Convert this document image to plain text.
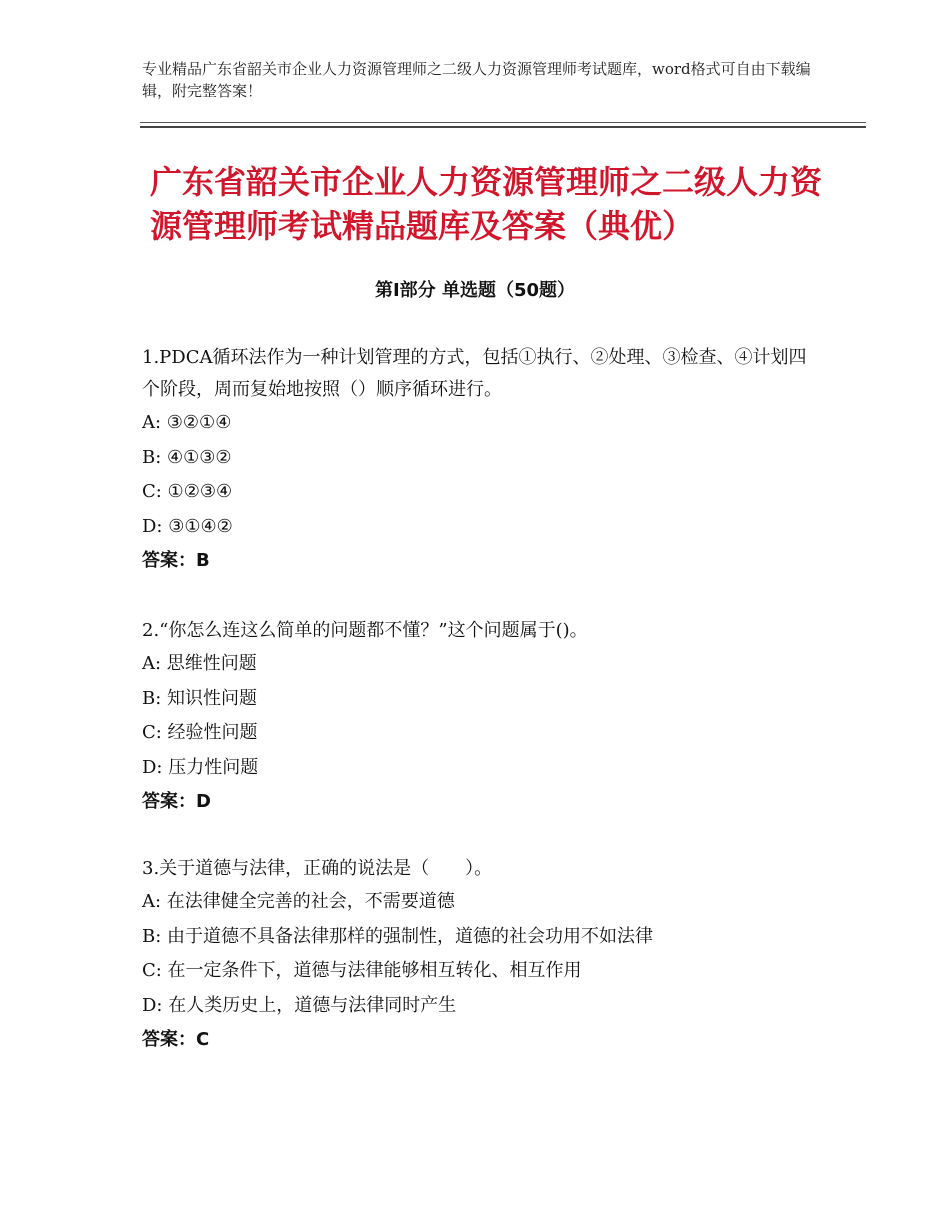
专业精品广东省韶关市企业人力资源管理师之二级人力资源管理师考试题库，word格式可自由下载编辑，附完整答案！
广东省韶关市企业人力资源管理师之二级人力资源管理师考试精品题库及答案（典优）
第Ⅰ部分 单选题（50题）
1.PDCA循环法作为一种计划管理的方式，包括①执行、②处理、③检查、④计划四个阶段，周而复始地按照（）顺序循环进行。
A: ③②①④
B: ④①③②
C: ①②③④
D: ③①④②
答案：B
2.“你怎么连这么简单的问题都不懂？”这个问题属于()。
A: 思维性问题
B: 知识性问题
C: 经验性问题
D: 压力性问题
答案：D
3.关于道德与法律，正确的说法是（　　）。
A: 在法律健全完善的社会，不需要道德
B: 由于道德不具备法律那样的强制性，道德的社会功用不如法律
C: 在一定条件下，道德与法律能够相互转化、相互作用
D: 在人类历史上，道德与法律同时产生
答案：C
